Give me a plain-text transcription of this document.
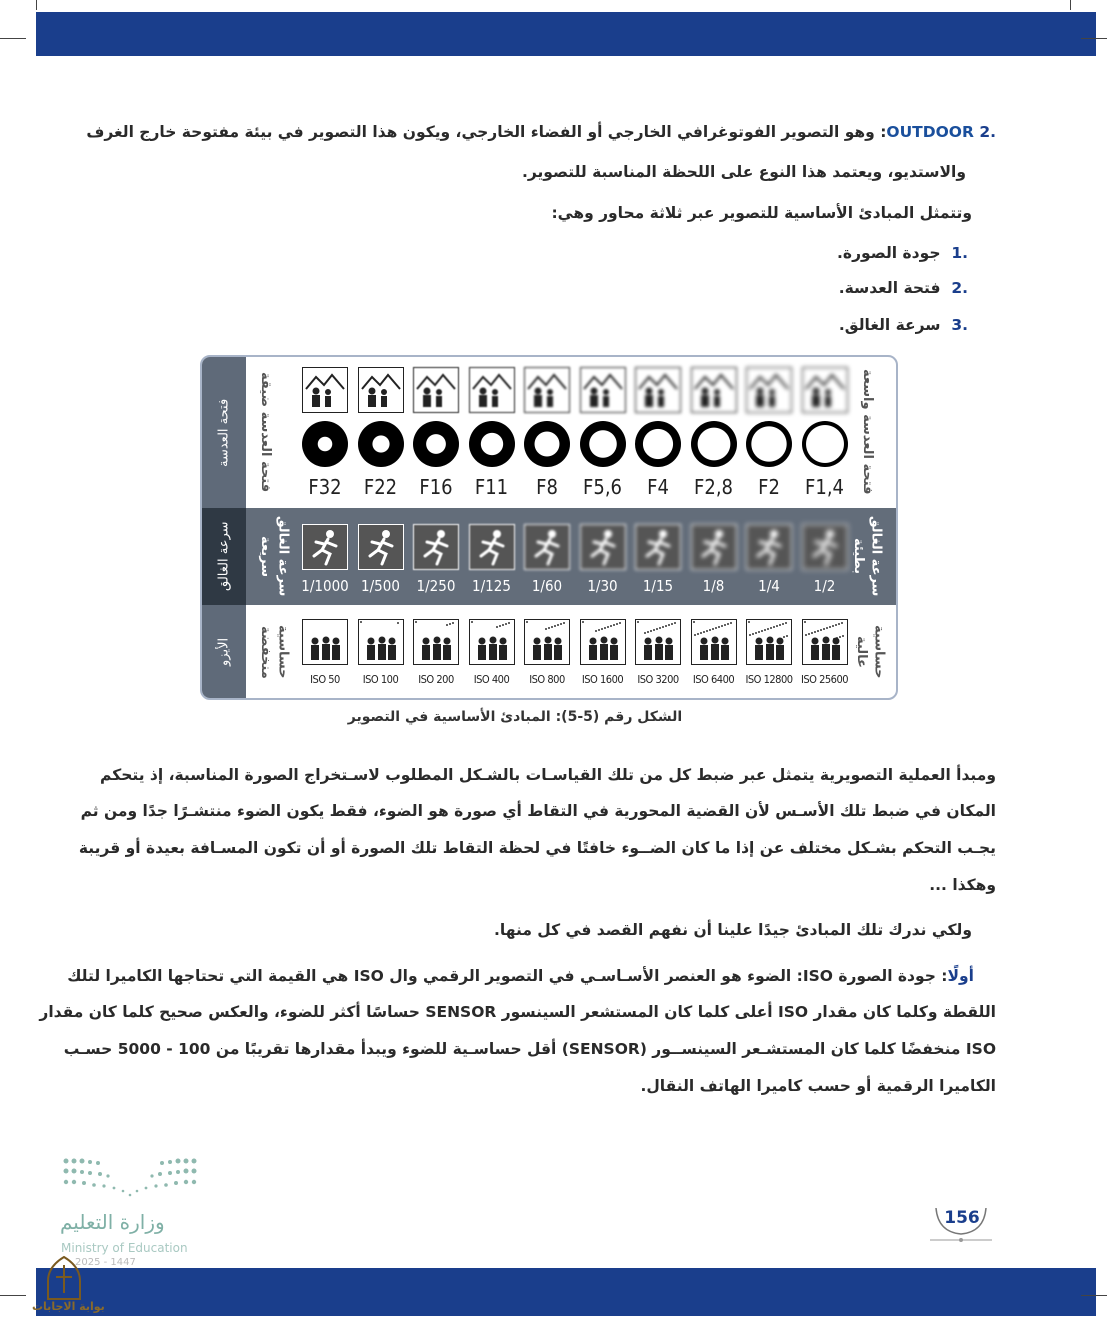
.2 OUTDOOR: وهو التصوير الفوتوغرافي الخارجي أو الفضاء الخارجي، ويكون هذا التصوير في بيئة مفتوحة خارج الغرف
والاستديو، ويعتمد هذا النوع على اللحظة المناسبة للتصوير.
وتتمثل المبادئ الأساسية للتصوير عبر ثلاثة محاور وهي:
.1  جودة الصورة.
.2  فتحة العدسة.
.3  سرعة الغالق.
فتحة العدسة
سرعة الغالق
الأيزو
فتحة العدسة ضيقة	فتحة العدسة واسعة
سرعة الغالق سريعة	سرعة الغالق بطيئة
حساسية منخفضة	حساسية عالية
F32	F22	F16	F11	F8	F5,6	F4	F2,8	F2	F1,4
1/1000 1/500	1/250	1/125	1/60	1/30	1/15	1/8	1/4	1/2
ISO 50	ISO 100	ISO 200	ISO 400	ISO 800	ISO 1600	ISO 3200	ISO 6400	ISO 12800 ISO 25600
الشكل رقم (5-5): المبادئ الأساسية في التصوير
ومبدأ العملية التصويرية يتمثل عبر ضبط كل من تلك القياسـات بالشـكل المطلوب لاسـتخراج الصورة المناسبة، إذ يتحكم
المكان في ضبط تلك الأسـس لأن القضية المحورية في التقاط أي صورة هو الضوء، فقط يكون الضوء منتشـرًا جدًا ومن ثم
يجـب التحكم بشـكل مختلف عن إذا ما كان الضــوء خافتًا في لحظة التقاط تلك الصورة أو أن تكون المسـافة بعيدة أو قريبة
وهكذا ...
ولكي ندرك تلك المبادئ جيدًا علينا أن نفهم القصد في كل منها.
أولًا: جودة الصورة ISO: الضوء هو العنصر الأسـاسـي في التصوير الرقمي وال ISO هي القيمة التي تحتاجها الكاميرا لتلك
اللقطة وكلما كان مقدار ISO أعلى كلما كان المستشعر السينسور SENSOR حساسًا أكثر للضوء، والعكس صحيح كلما كان مقدار
ISO منخفضًا كلما كان المستشـعر السينســور (SENSOR) أقل حساسـية للضوء ويبدأ مقدارها تقريبًا من 100 - 5000 حسـب
الكاميرا الرقمية أو حسب كاميرا الهاتف النقال.
وزارة التعليم
Ministry of Education
2025 - 1447
156
بوابة الاجابات
